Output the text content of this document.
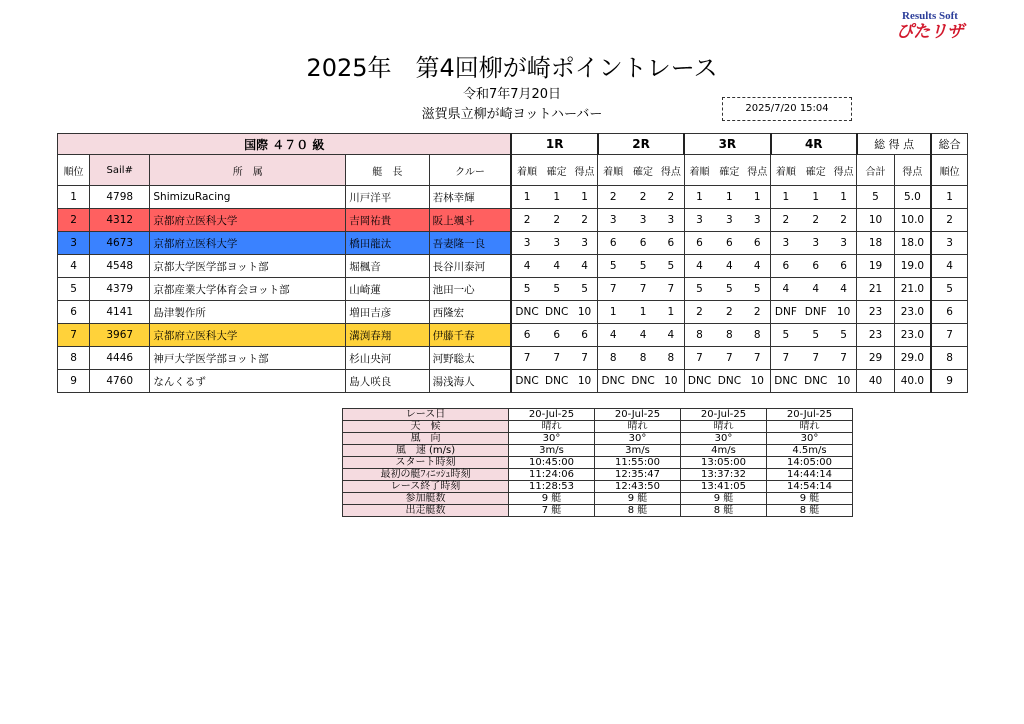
Results Soft
ぴたリザ
2025年　第4回柳が崎ポイントレース
令和7年7月20日
滋賀県立柳が崎ヨットハーバー	2025/7/20 15:04
国際 ４７０ 級					1R			2R			3R			4R			総 得 点		総合
順位	Sail#	所　属	艇　長	クルー	着順	確定	得点	着順	確定	得点	着順	確定	得点	着順	確定	得点	合計	得点	順位
1	4798	ShimizuRacing	川戸洋平	若林幸輝	1	1	1	2	2	2	1	1	1	1	1	1	5	5.0	1
2	4312	京都府立医科大学	吉岡祐貴	阪上颯斗	2	2	2	3	3	3	3	3	3	2	2	2	10	10.0	2
3	4673	京都府立医科大学	橋田龍汰	吾妻隆一良	3	3	3	6	6	6	6	6	6	3	3	3	18	18.0	3
4	4548	京都大学医学部ヨット部	堀楓音	長谷川泰河	4	4	4	5	5	5	4	4	4	6	6	6	19	19.0	4
5	4379	京都産業大学体育会ヨット部	山崎蓮	池田一心	5	5	5	7	7	7	5	5	5	4	4	4	21	21.0	5
6	4141	島津製作所	増田吉彦	西隆宏	DNC	DNC	10	1	1	1	2	2	2	DNF	DNF	10	23	23.0	6
7	3967	京都府立医科大学	溝渕春翔	伊藤千春	6	6	6	4	4	4	8	8	8	5	5	5	23	23.0	7
8	4446	神戸大学医学部ヨット部	杉山央河	河野聡太	7	7	7	8	8	8	7	7	7	7	7	7	29	29.0	8
9	4760	なんくるず	島人咲良	湯浅海人	DNC	DNC	10	DNC	DNC	10	DNC	DNC	10	DNC	DNC	10	40	40.0	9
レース日	20-Jul-25	20-Jul-25	20-Jul-25	20-Jul-25
天　候	晴れ	晴れ	晴れ	晴れ
風　向	30°	30°	30°	30°
風　速 (m/s)	3m/s	3m/s	4m/s	4.5m/s
スタート時刻	10:45:00	11:55:00	13:05:00	14:05:00
最初の艇ﾌｨﾆｯｼｭ時刻	11:24:06	12:35:47	13:37:32	14:44:14
レース終了時刻	11:28:53	12:43:50	13:41:05	14:54:14
参加艇数	9 艇	9 艇	9 艇	9 艇
出走艇数	7 艇	8 艇	8 艇	8 艇
